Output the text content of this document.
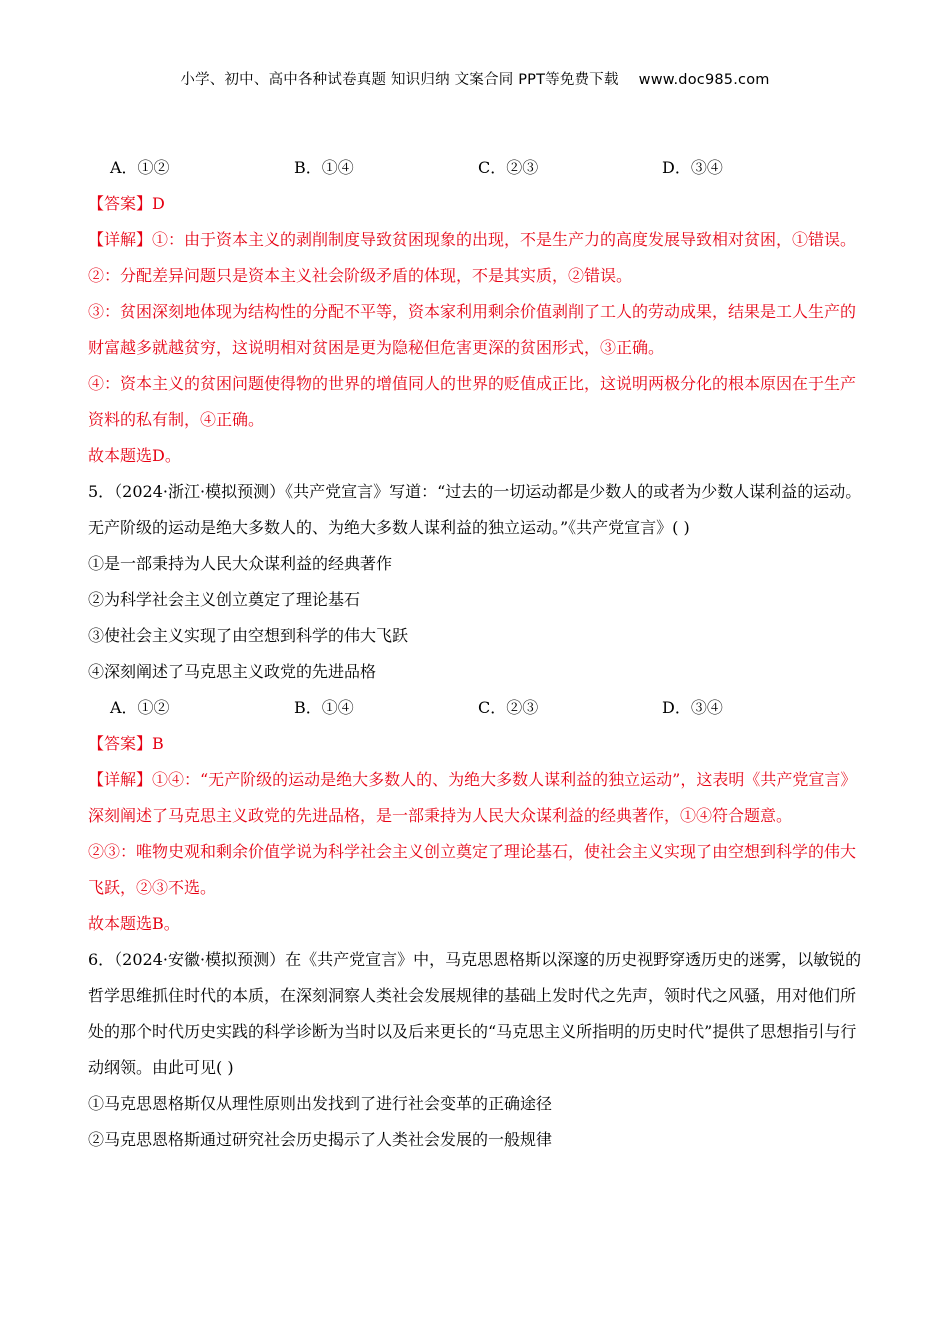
小学、初中、高中各种试卷真题 知识归纳 文案合同 PPT等免费下载 www.doc985.com
A．①②	B．①④	C．②③	D．③④
【答案】D
【详解】①：由于资本主义的剥削制度导致贫困现象的出现，不是生产力的高度发展导致相对贫困，①错误。
②：分配差异问题只是资本主义社会阶级矛盾的体现，不是其实质，②错误。
③：贫困深刻地体现为结构性的分配不平等，资本家利用剩余价值剥削了工人的劳动成果，结果是工人生产的财富越多就越贫穷，这说明相对贫困是更为隐秘但危害更深的贫困形式，③正确。
④：资本主义的贫困问题使得物的世界的增值同人的世界的贬值成正比，这说明两极分化的根本原因在于生产资料的私有制，④正确。
故本题选D。
5．（2024·浙江·模拟预测）《共产党宣言》写道：“过去的一切运动都是少数人的或者为少数人谋利益的运动。无产阶级的运动是绝大多数人的、为绝大多数人谋利益的独立运动。”《共产党宣言》( )
①是一部秉持为人民大众谋利益的经典著作
②为科学社会主义创立奠定了理论基石
③使社会主义实现了由空想到科学的伟大飞跃
④深刻阐述了马克思主义政党的先进品格
A．①②	B．①④	C．②③	D．③④
【答案】B
【详解】①④：“无产阶级的运动是绝大多数人的、为绝大多数人谋利益的独立运动”，这表明《共产党宣言》深刻阐述了马克思主义政党的先进品格，是一部秉持为人民大众谋利益的经典著作，①④符合题意。
②③：唯物史观和剩余价值学说为科学社会主义创立奠定了理论基石，使社会主义实现了由空想到科学的伟大飞跃，②③不选。
故本题选B。
6．（2024·安徽·模拟预测）在《共产党宣言》中，马克思恩格斯以深邃的历史视野穿透历史的迷雾，以敏锐的哲学思维抓住时代的本质，在深刻洞察人类社会发展规律的基础上发时代之先声，领时代之风骚，用对他们所处的那个时代历史实践的科学诊断为当时以及后来更长的“马克思主义所指明的历史时代”提供了思想指引与行动纲领。由此可见( )
①马克思恩格斯仅从理性原则出发找到了进行社会变革的正确途径
②马克思恩格斯通过研究社会历史揭示了人类社会发展的一般规律
